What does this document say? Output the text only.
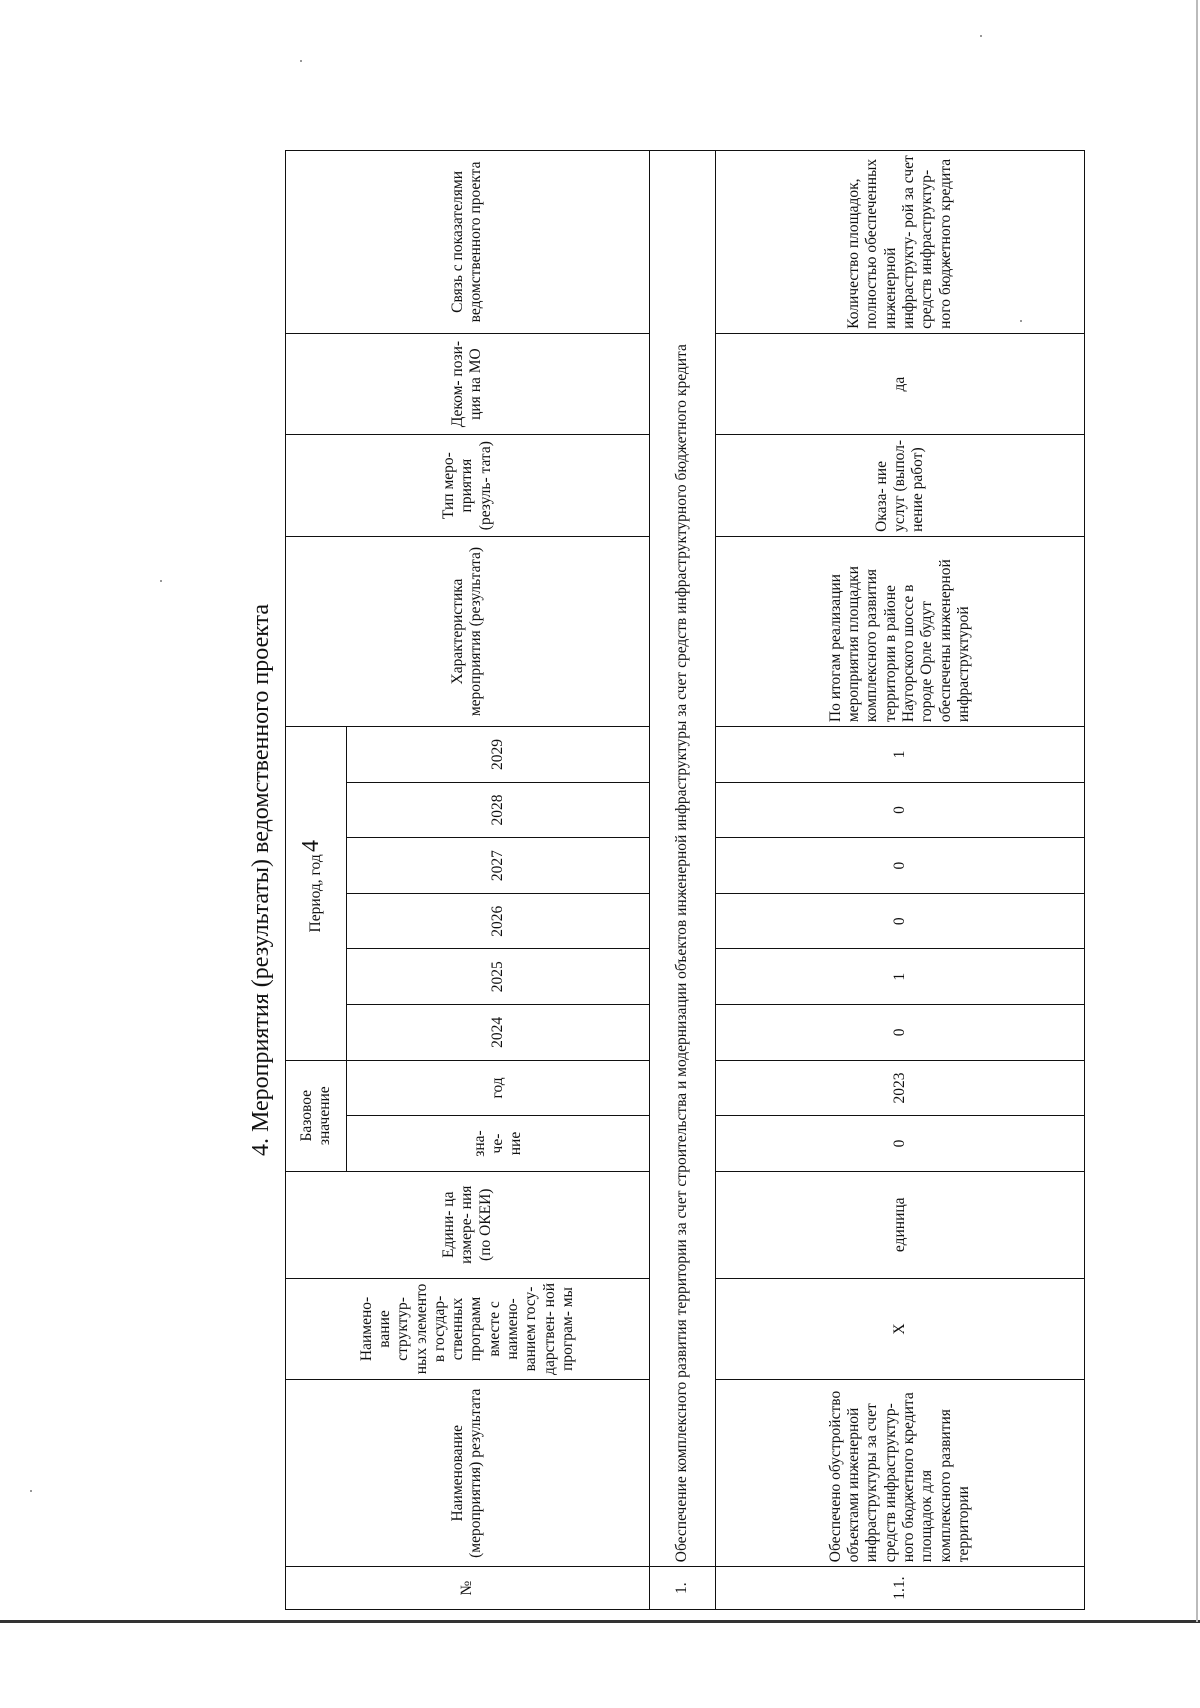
4
4. Мероприятия (результаты) ведомственного проекта
№	Наименование (мероприятия) результата	Наимено- вание структур- ных элементо в государ- ственных программ вместе с наимено- ванием госу- дарствен- ной програм- мы	Едини- ца измере- ния (по ОКЕИ)	Базовое значение		Период, год						Характеристика мероприятия (результата)	Тип меро- приятия (резуль- тата)	Деком- пози- ция на МО	Связь с показателями ведомственного проекта
				зна- че- ние	год	2024	2025	2026	2027	2028	2029				
1.	Обеспечение комплексного развития территории за счет строительства и модернизации объектов инженерной инфраструктуры за счет средств инфраструктурного бюджетного кредита														
1.1.	Обеспечено обустройство объектами инженерной инфраструктуры за счет средств инфраструктур- ного бюджетного кредита площадок для комплексного развития территории	Х	единица	0	2023	0	1	0	0	0	1	По итогам реализации мероприятия площадки комплексного развития территории в районе Наугорского шоссе в городе Орле будут обеспечены инженерной инфраструктурой	Оказа- ние услуг (выпол- нение работ)	да	Количество площадок, полностью обеспеченных инженерной инфраструкту- рой за счет средств инфраструктур- ного бюджетного кредита
